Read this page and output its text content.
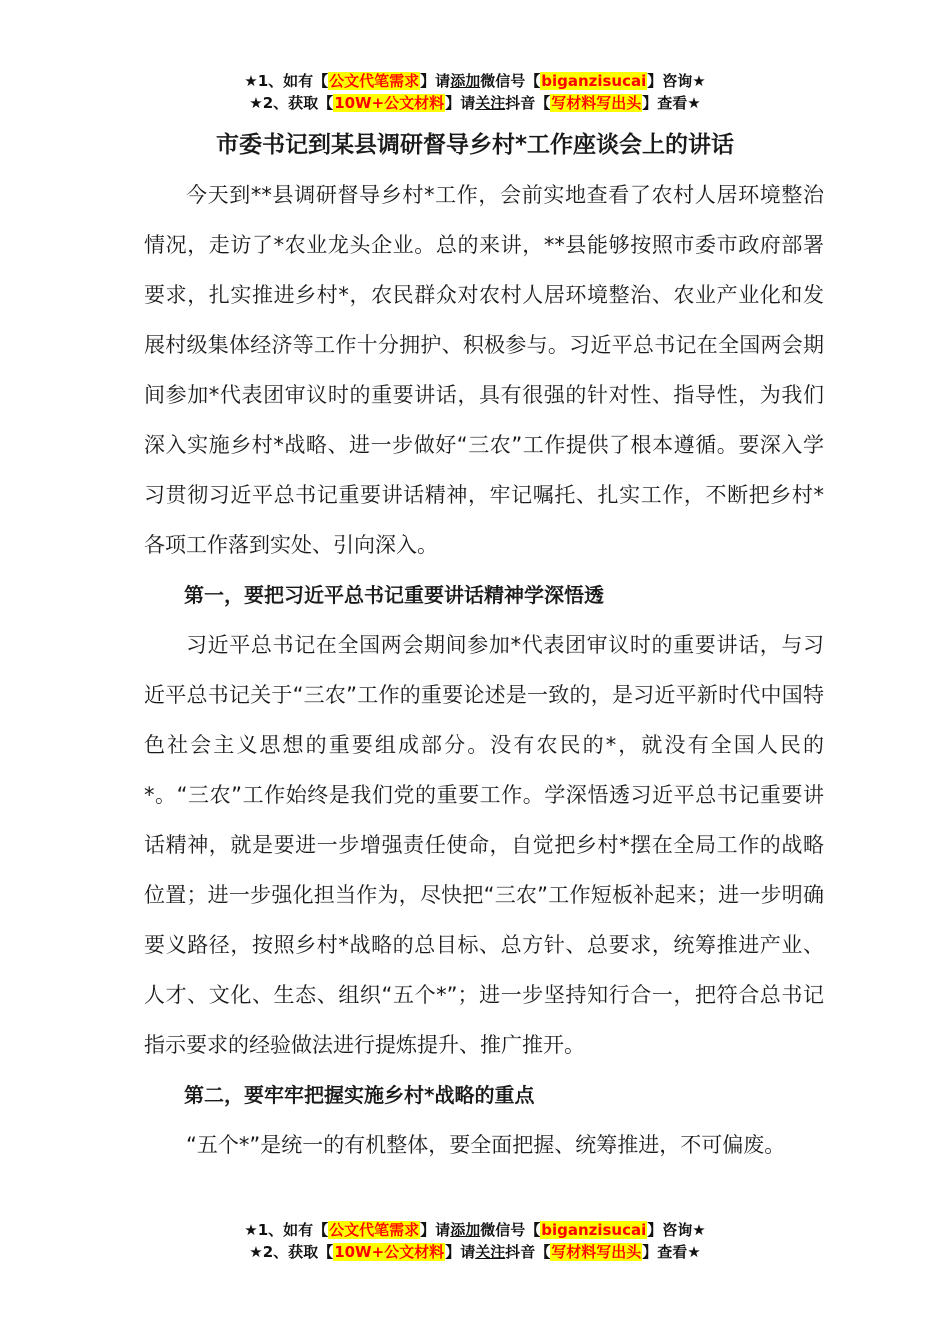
★1、如有【公文代笔需求】请添加微信号【biganzisucai】咨询★
★2、获取【10W+公文材料】请关注抖音【写材料写出头】查看★
市委书记到某县调研督导乡村*工作座谈会上的讲话

今天到**县调研督导乡村*工作，会前实地查看了农村人居环境整治情况，走访了*农业龙头企业。总的来讲，**县能够按照市委市政府部署要求，扎实推进乡村*，农民群众对农村人居环境整治、农业产业化和发展村级集体经济等工作十分拥护、积极参与。习近平总书记在全国两会期间参加*代表团审议时的重要讲话，具有很强的针对性、指导性，为我们深入实施乡村*战略、进一步做好“三农”工作提供了根本遵循。要深入学习贯彻习近平总书记重要讲话精神，牢记嘱托、扎实工作，不断把乡村*各项工作落到实处、引向深入。

第一，要把习近平总书记重要讲话精神学深悟透

习近平总书记在全国两会期间参加*代表团审议时的重要讲话，与习近平总书记关于“三农”工作的重要论述是一致的，是习近平新时代中国特色社会主义思想的重要组成部分。没有农民的*，就没有全国人民的*。“三农”工作始终是我们党的重要工作。学深悟透习近平总书记重要讲话精神，就是要进一步增强责任使命，自觉把乡村*摆在全局工作的战略位置；进一步强化担当作为，尽快把“三农”工作短板补起来；进一步明确要义路径，按照乡村*战略的总目标、总方针、总要求，统筹推进产业、人才、文化、生态、组织“五个*”；进一步坚持知行合一，把符合总书记指示要求的经验做法进行提炼提升、推广推开。

第二，要牢牢把握实施乡村*战略的重点

“五个*”是统一的有机整体，要全面把握、统筹推进，不可偏废。

★1、如有【公文代笔需求】请添加微信号【biganzisucai】咨询★
★2、获取【10W+公文材料】请关注抖音【写材料写出头】查看★
